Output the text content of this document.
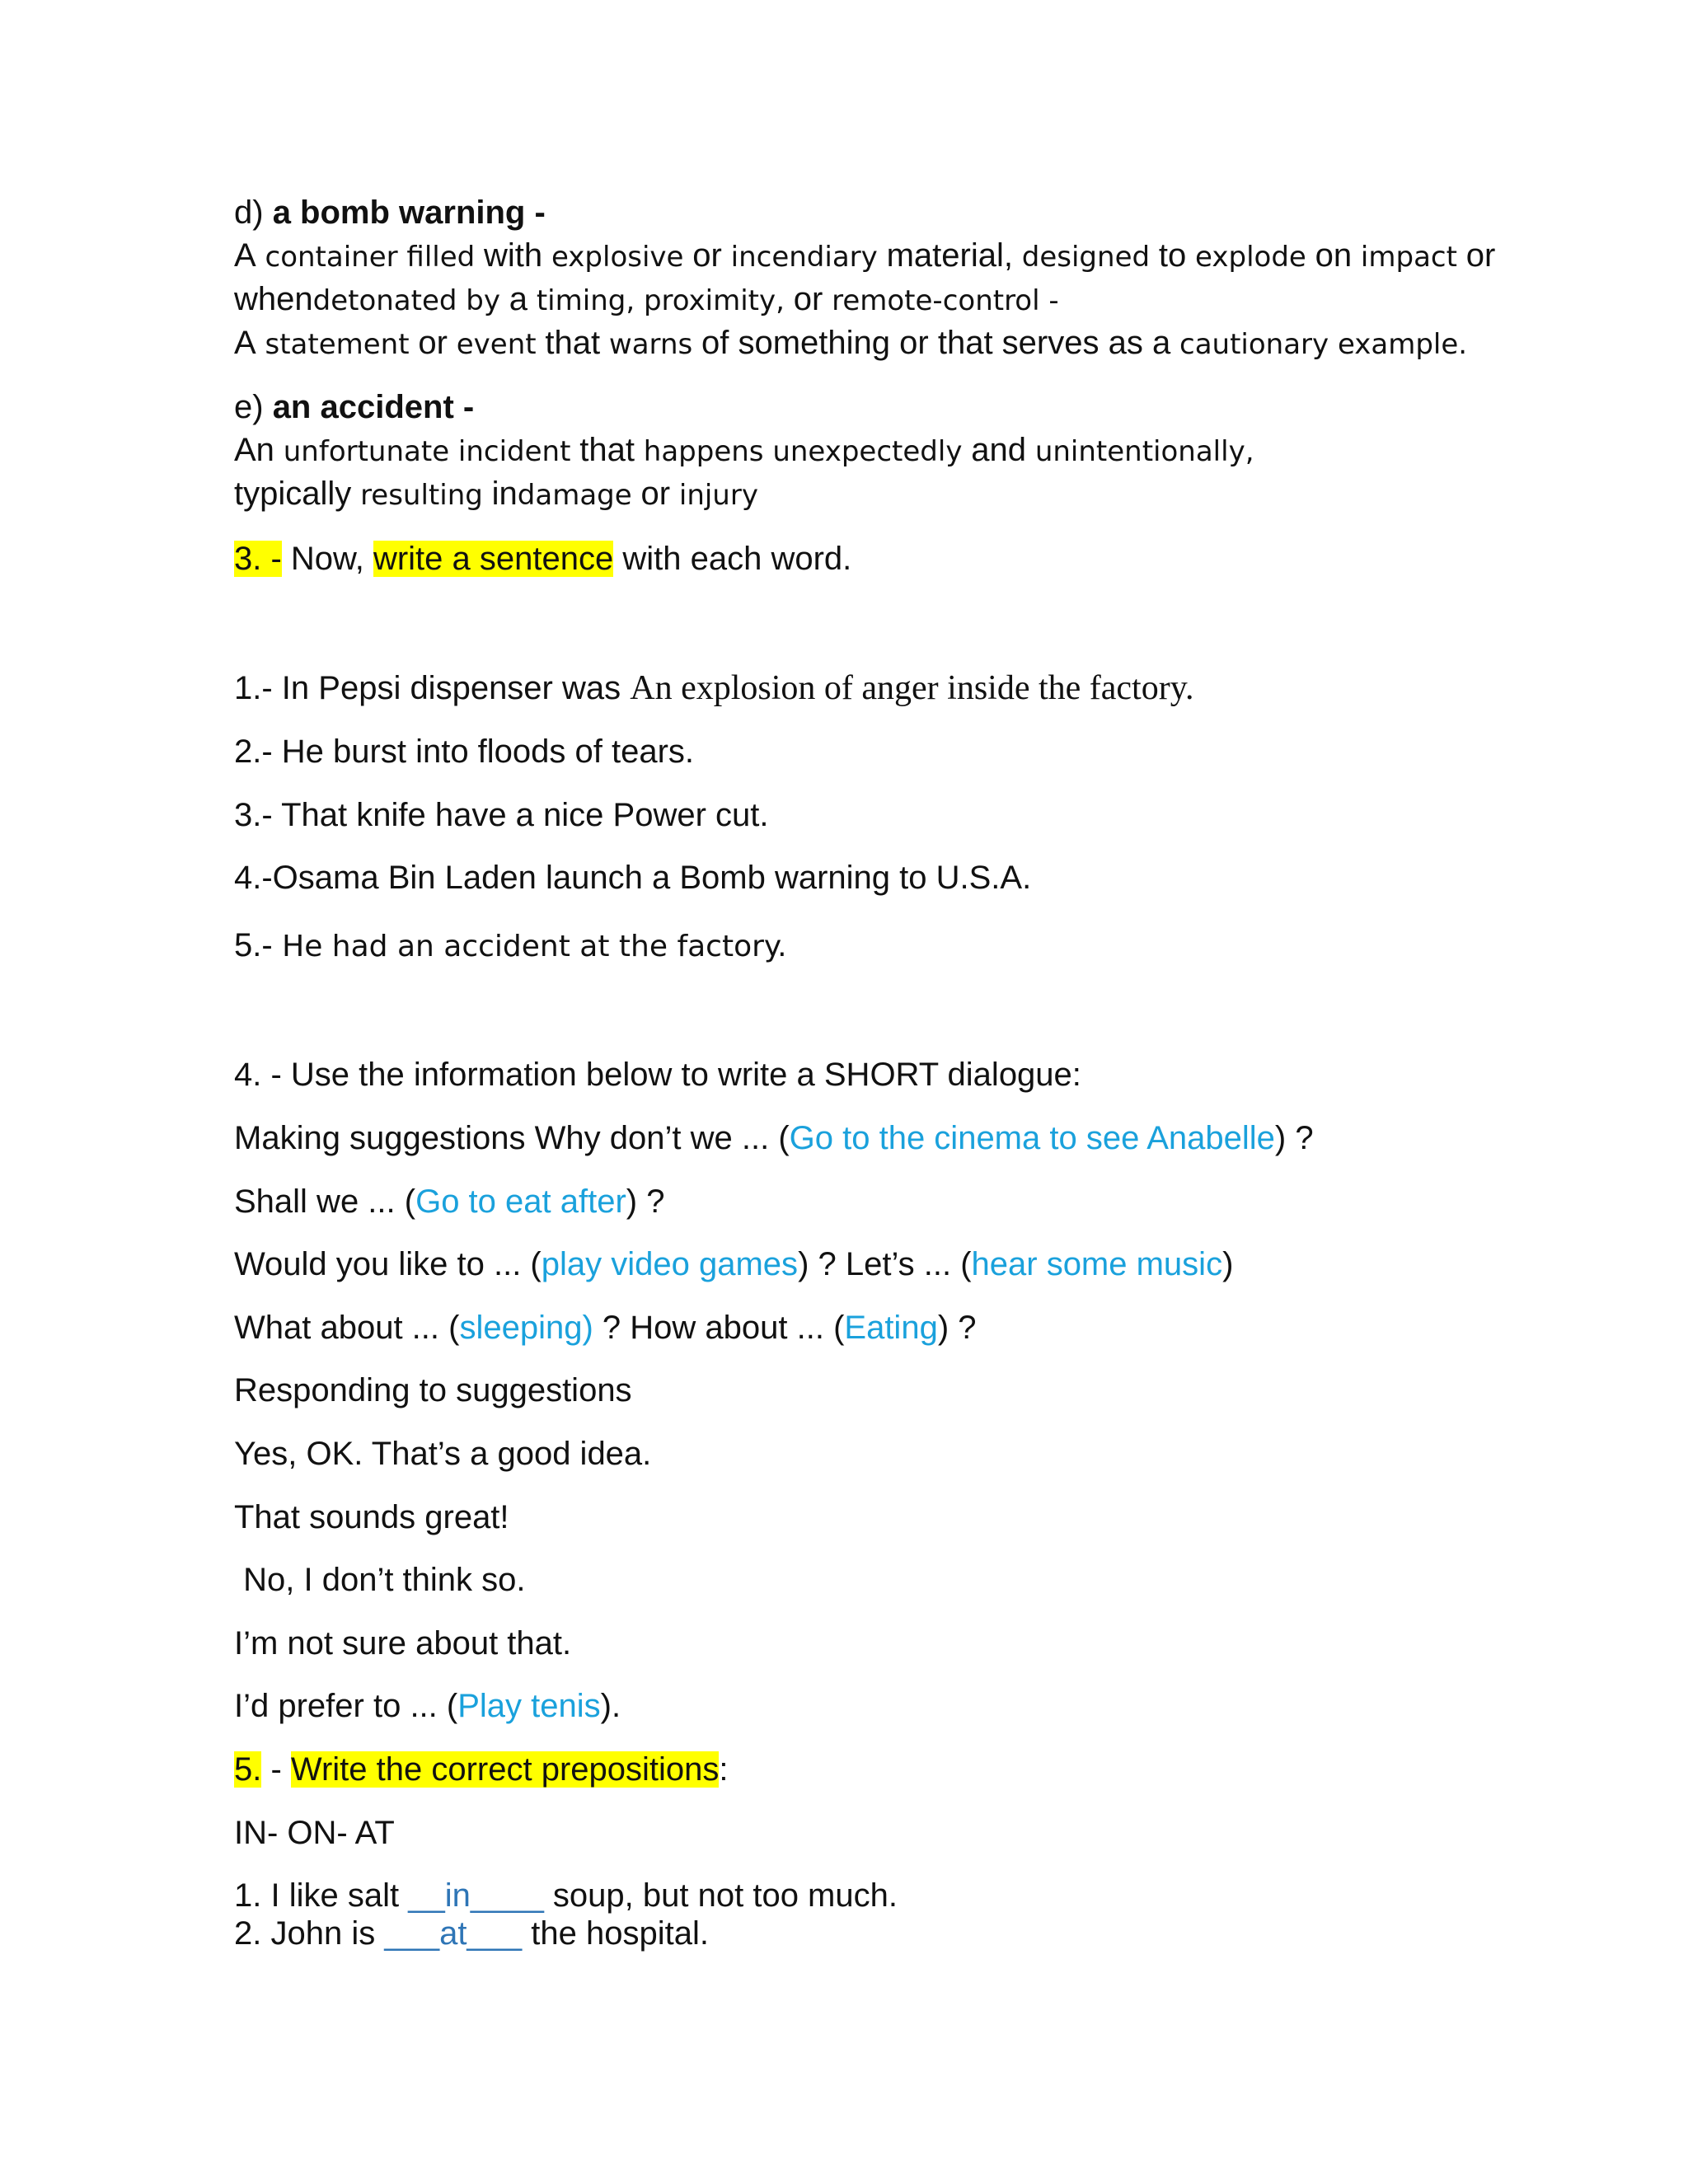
d) a bomb warning -
A container filled with explosive or incendiary material, designed to explode on impact or
whendetonated by a timing, proximity, or remote-control -
A statement or event that warns of something or that serves as a cautionary example.
e) an accident -
An unfortunate incident that happens unexpectedly and unintentionally,
typically resulting indamage or injury
3. - Now, write a sentence with each word.
1.- In Pepsi dispenser was An explosion of anger inside the factory.
2.- He burst into floods of tears.
3.- That knife have a nice Power cut.
4.-Osama Bin Laden launch a Bomb warning to U.S.A.
5.- He had an accident at the factory.
4. - Use the information below to write a SHORT dialogue:
Making suggestions Why don’t we ... (Go to the cinema to see Anabelle) ?
Shall we ... (Go to eat after) ?
Would you like to ... (play video games) ? Let’s ... (hear some music)
What about ... (sleeping) ? How about ... (Eating) ?
Responding to suggestions
Yes, OK. That’s a good idea.
That sounds great!
No, I don’t think so.
I’m not sure about that.
I’d prefer to ... (Play tenis).
5. - Write the correct prepositions:
IN- ON- AT
1. I like salt __in____ soup, but not too much.
2. John is ___at___ the hospital.
